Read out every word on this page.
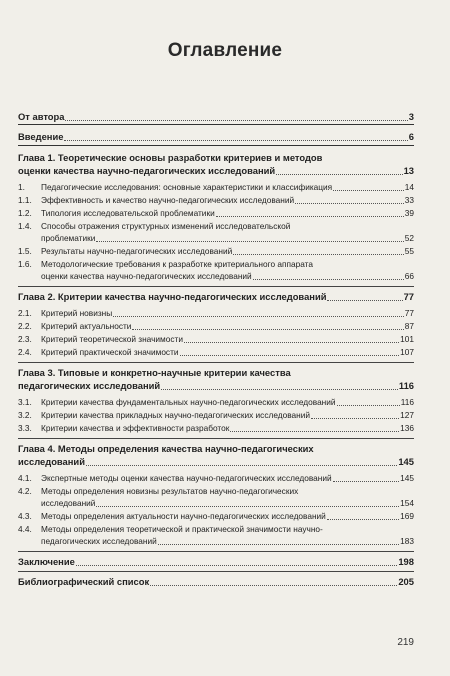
Оглавление
От автора	3
Введение	6
Глава 1. Теоретические основы разработки критериев и методов
оценки качества научно-педагогических исследований	13
1.	Педагогические исследования: основные характеристики и классификация	14
1.1.	Эффективность и качество научно-педагогических исследований	33
1.2.	Типология исследовательской проблематики	39
1.4.	Способы отражения структурных изменений исследовательской
проблематики	52
1.5.	Результаты научно-педагогических исследований	55
1.6.	Методологические требования к разработке критериального аппарата
оценки качества научно-педагогических исследований	66
Глава 2. Критерии качества научно-педагогических исследований	77
2.1.	Критерий новизны	77
2.2.	Критерий актуальности	87
2.3.	Критерий теоретической значимости	101
2.4.	Критерий практической значимости	107
Глава 3. Типовые и конкретно-научные критерии качества
педагогических исследований	116
3.1.	Критерии качества фундаментальных научно-педагогических исследований	116
3.2.	Критерии качества прикладных научно-педагогических исследований	127
3.3.	Критерии качества и эффективности разработок	136
Глава 4. Методы определения качества научно-педагогических
исследований	145
4.1.	Экспертные методы оценки качества научно-педагогических исследований	145
4.2.	Методы определения новизны результатов научно-педагогических
исследований	154
4.3.	Методы определения актуальности научно-педагогических исследований	169
4.4.	Методы определения теоретической и практической значимости научно-
педагогических исследований	183
Заключение	198
Библиографический список	205
219
